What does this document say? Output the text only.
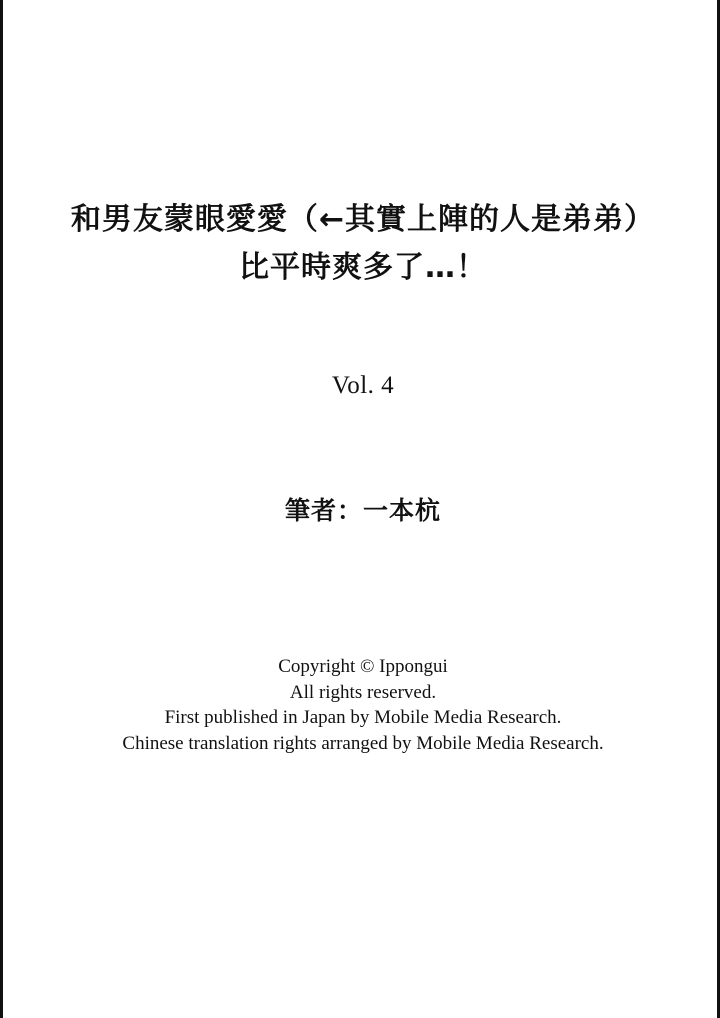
和男友蒙眼愛愛（←其實上陣的人是弟弟）
比平時爽多了…！
Vol. 4
筆者：一本杭
Copyright © Ippongui
All rights reserved.
First published in Japan by Mobile Media Research.
Chinese translation rights arranged by Mobile Media Research.
